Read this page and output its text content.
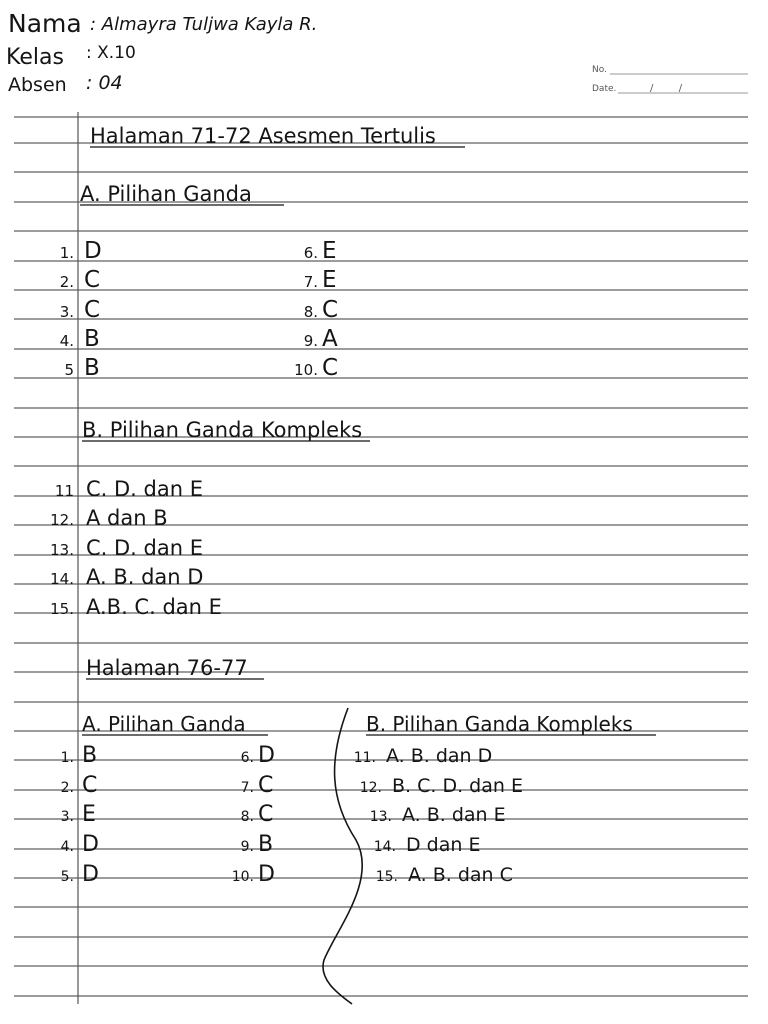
Nama : Almayra Tuljwa Kayla R.
Kelas : X.10
Absen : 04
No.
Date.	/        /
Halaman 71-72 Asesmen Tertulis
A. Pilihan Ganda
1. D
2. C
3. C
4. B
5 B
6. E
7. E
8. C
9. A
10. C
B. Pilihan Ganda Kompleks
11 C. D. dan E
12. A dan B
13. C. D. dan E
14. A. B. dan D
15. A.B. C. dan E
Halaman 76-77
A. Pilihan Ganda	B. Pilihan Ganda Kompleks
1. B
2. C
3. E
4. D
5. D
6. D
7. C
8. C
9. B
10. D
11. A. B. dan D
12. B. C. D. dan E
13. A. B. dan E
14. D dan E
15. A. B. dan C
